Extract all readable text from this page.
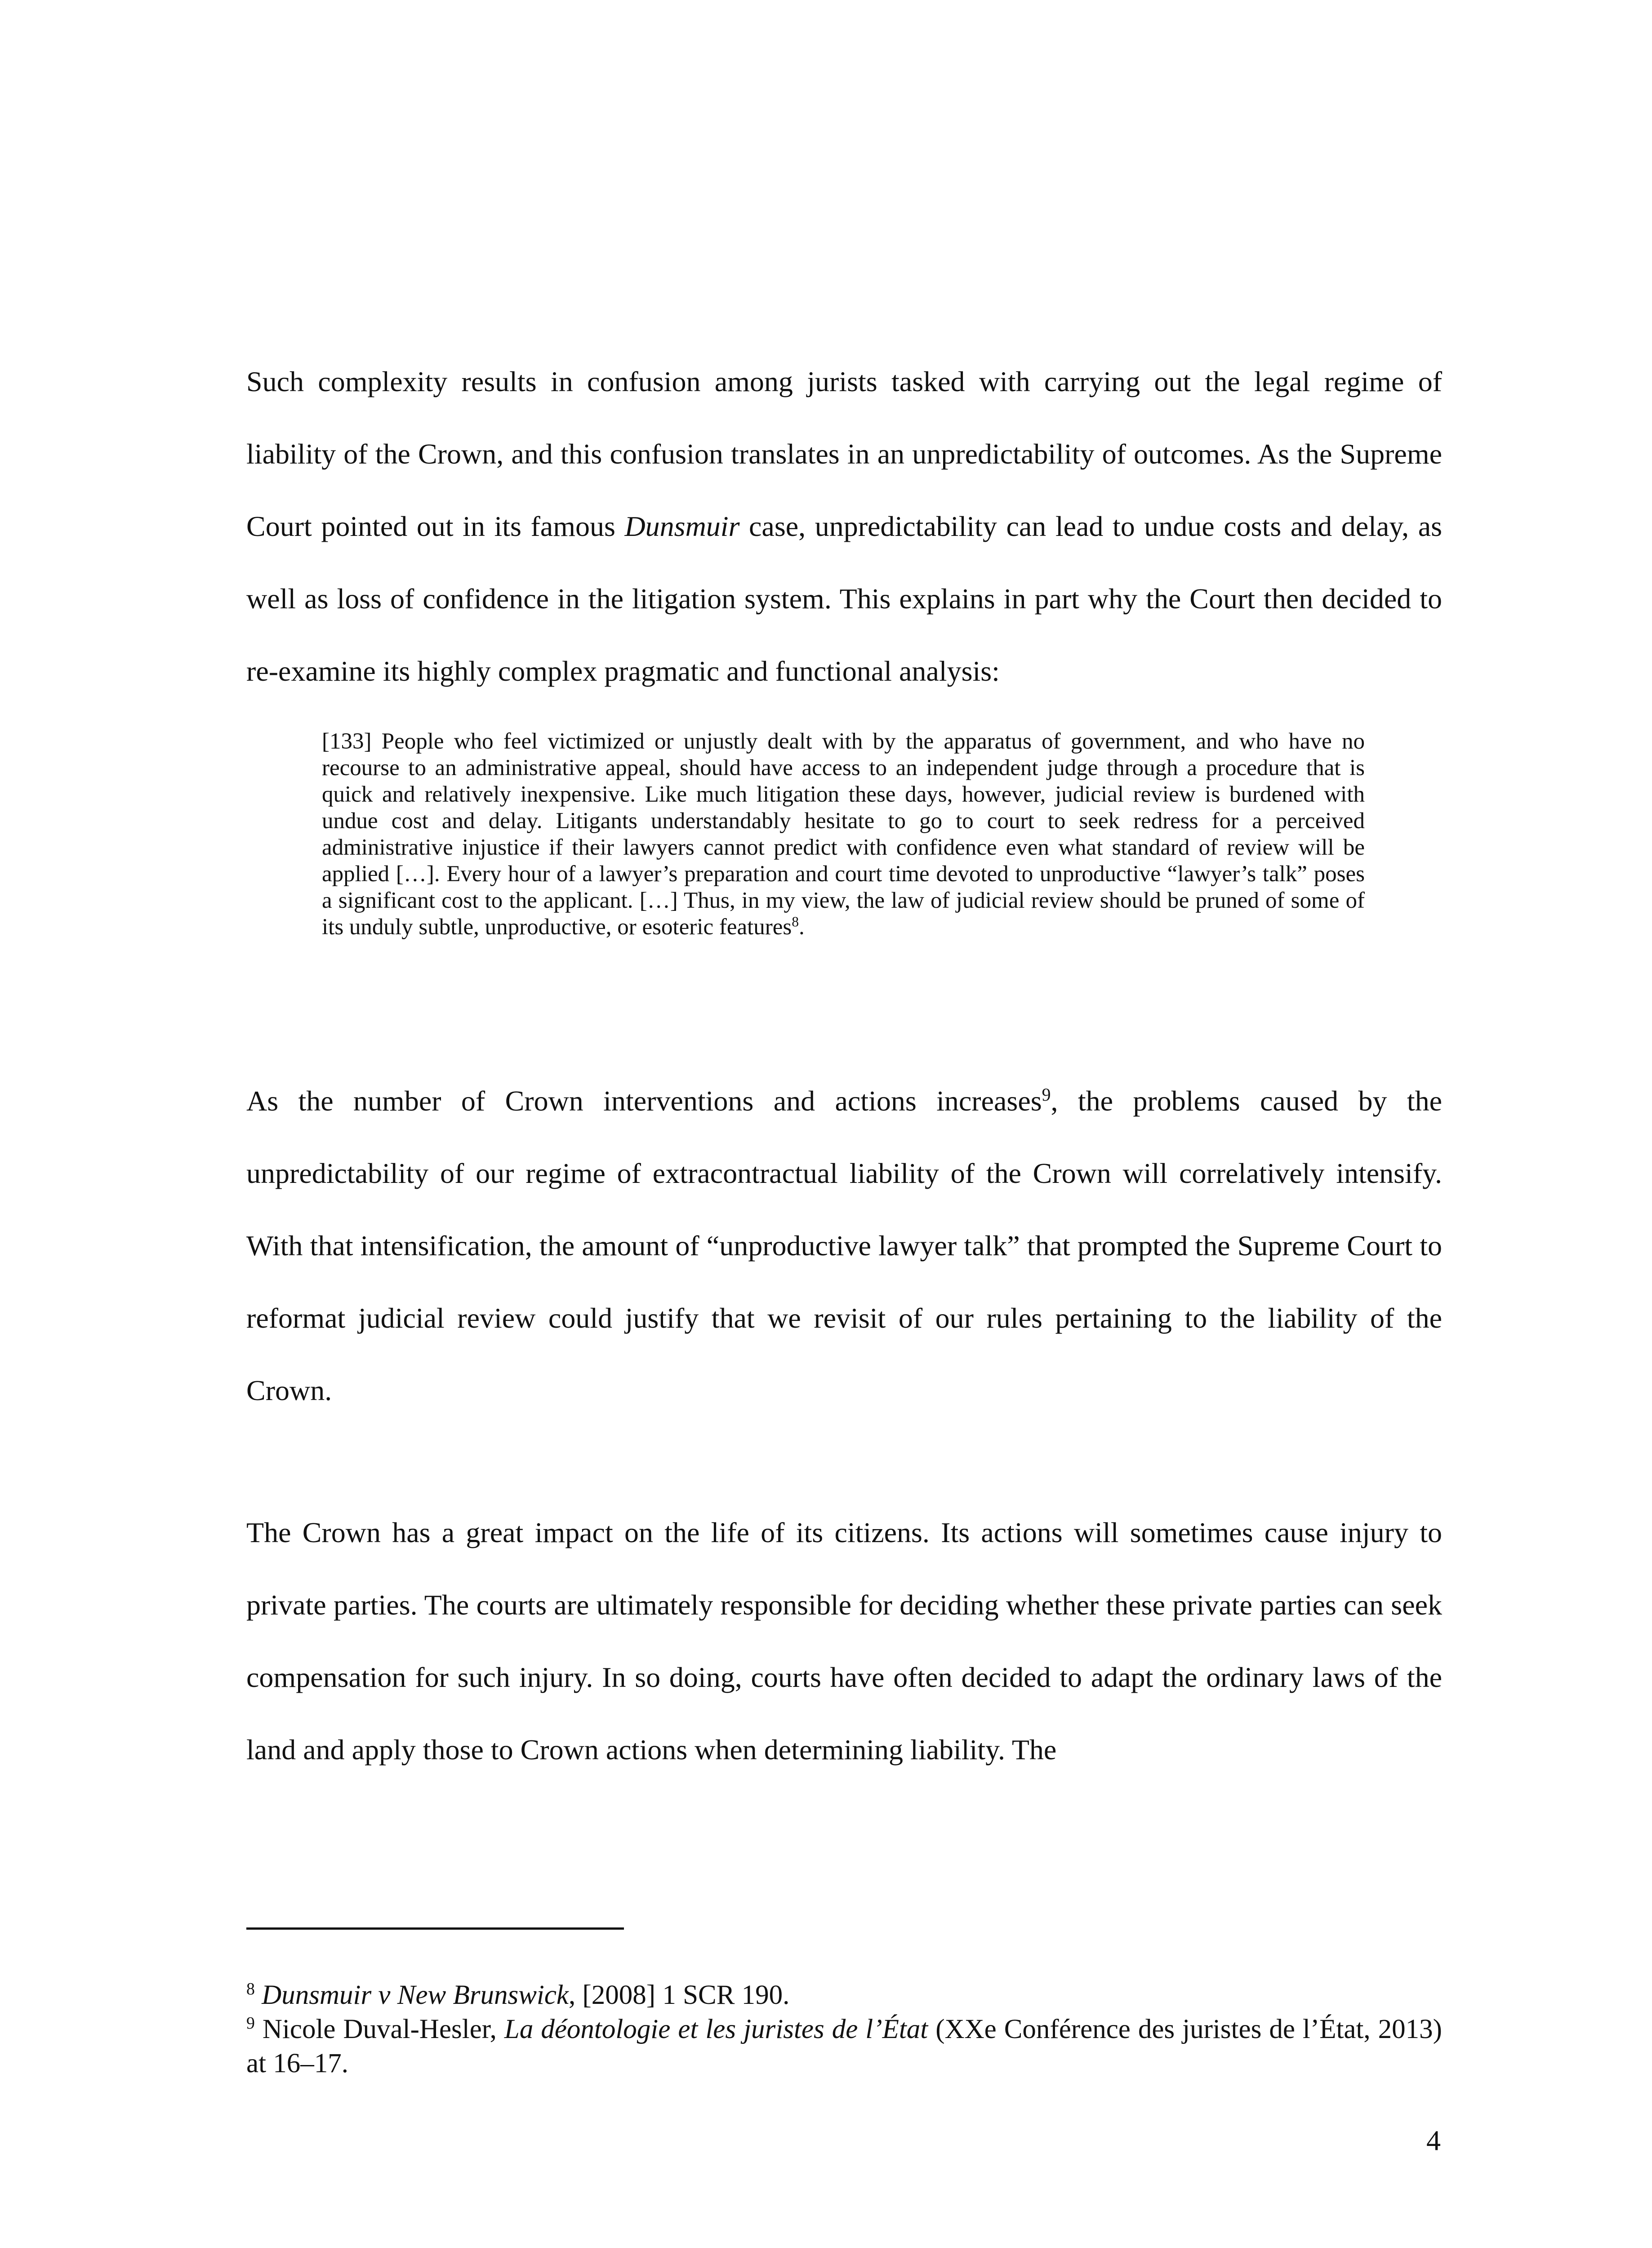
Such complexity results in confusion among jurists tasked with carrying out the legal regime of liability of the Crown, and this confusion translates in an unpredictability of outcomes. As the Supreme Court pointed out in its famous Dunsmuir case, unpredictability can lead to undue costs and delay, as well as loss of confidence in the litigation system. This explains in part why the Court then decided to re-examine its highly complex pragmatic and functional analysis:

[133] People who feel victimized or unjustly dealt with by the apparatus of government, and who have no recourse to an administrative appeal, should have access to an independent judge through a procedure that is quick and relatively inexpensive. Like much litigation these days, however, judicial review is burdened with undue cost and delay. Litigants understandably hesitate to go to court to seek redress for a perceived administrative injustice if their lawyers cannot predict with confidence even what standard of review will be applied […]. Every hour of a lawyer’s preparation and court time devoted to unproductive “lawyer’s talk” poses a significant cost to the applicant. […] Thus, in my view, the law of judicial review should be pruned of some of its unduly subtle, unproductive, or esoteric features$^8$.

As the number of Crown interventions and actions increases$^9$, the problems caused by the unpredictability of our regime of extracontractual liability of the Crown will correlatively intensify. With that intensification, the amount of “unproductive lawyer talk” that prompted the Supreme Court to reformat judicial review could justify that we revisit of our rules pertaining to the liability of the Crown.

The Crown has a great impact on the life of its citizens. Its actions will sometimes cause injury to private parties. The courts are ultimately responsible for deciding whether these private parties can seek compensation for such injury. In so doing, courts have often decided to adapt the ordinary laws of the land and apply those to Crown actions when determining liability. The

$^8$ Dunsmuir v New Brunswick, [2008] 1 SCR 190.

$^9$ Nicole Duval-Hesler, La déontologie et les juristes de l’État (XXe Conférence des juristes de l’État, 2013) at 16–17.

4
